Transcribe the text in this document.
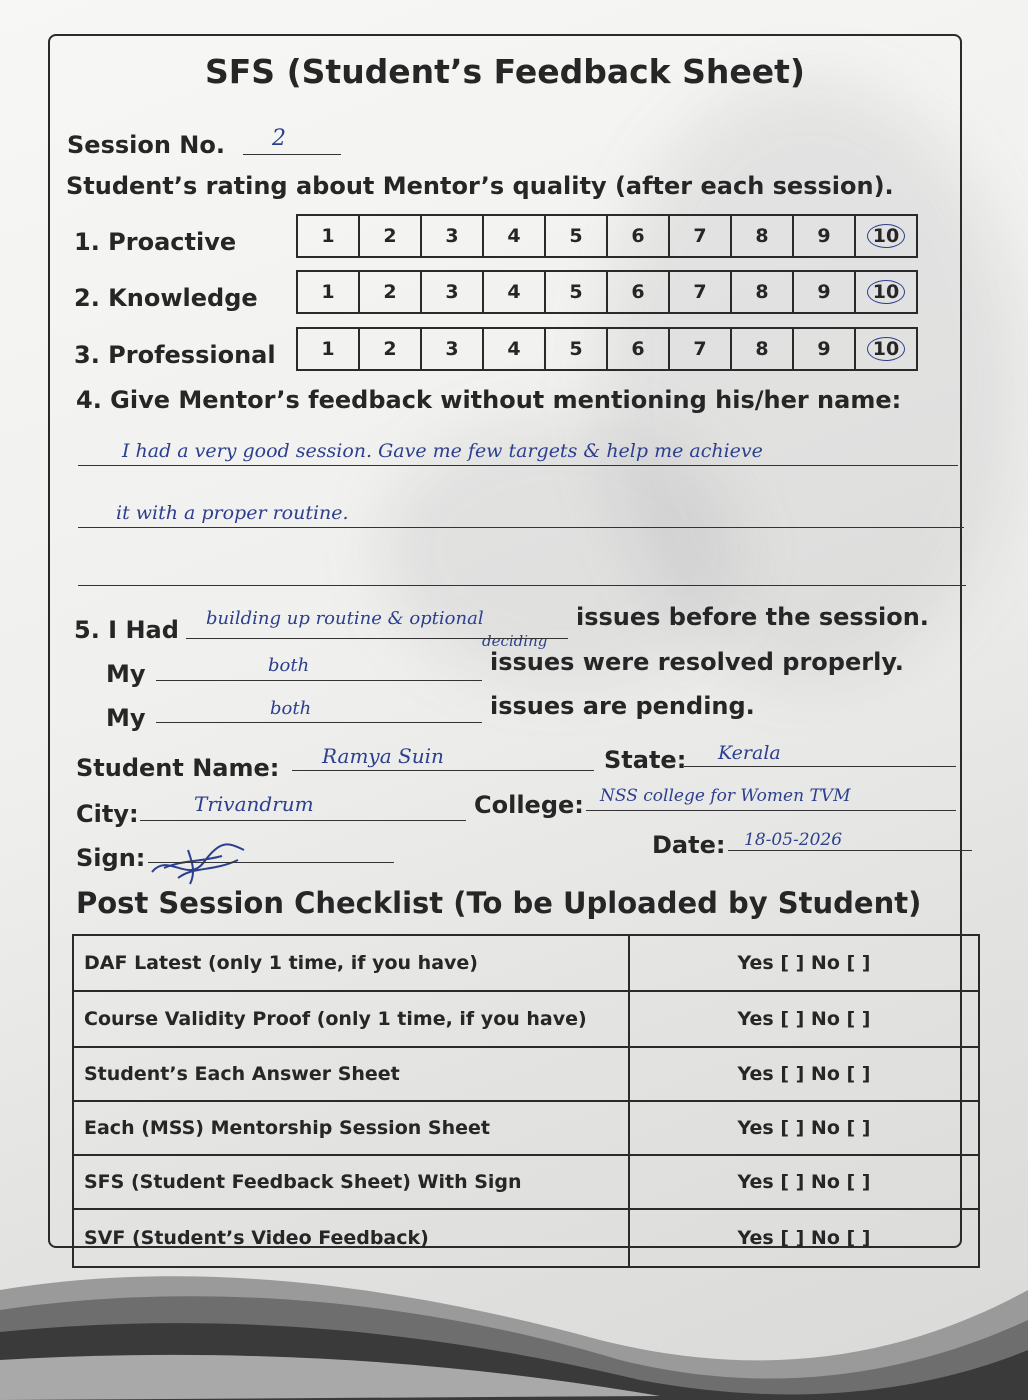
SFS (Student’s Feedback Sheet)
Session No. 2
Student’s rating about Mentor’s quality (after each session).
1. Proactive	1	2	3	4	5	6	7	8	9	10
2. Knowledge	1	2	3	4	5	6	7	8	9	10
3. Professional 1	2	3	4	5	6	7	8	9	10
4. Give Mentor’s feedback without mentioning his/her name:
I had a very good session. Gave me few targets & help me achieve
it with a proper routine.
5. I Had building up routine & optional
deciding
issues before the session.
My	both	issues were resolved properly.
My	both	issues are pending.
Student Name: Ramya Suin	State: Kerala
City:	Trivandrum	College: NSS college for Women TVM
Sign:	Date: 18-05-2026
Post Session Checklist (To be Uploaded by Student)
DAF Latest (only 1 time, if you have)	Yes [ ] No [ ]
Course Validity Proof (only 1 time, if you have)	Yes [ ] No [ ]
Student’s Each Answer Sheet	Yes [ ] No [ ]
Each (MSS) Mentorship Session Sheet	Yes [ ] No [ ]
SFS (Student Feedback Sheet) With Sign	Yes [ ] No [ ]
SVF (Student’s Video Feedback)	Yes [ ] No [ ]
